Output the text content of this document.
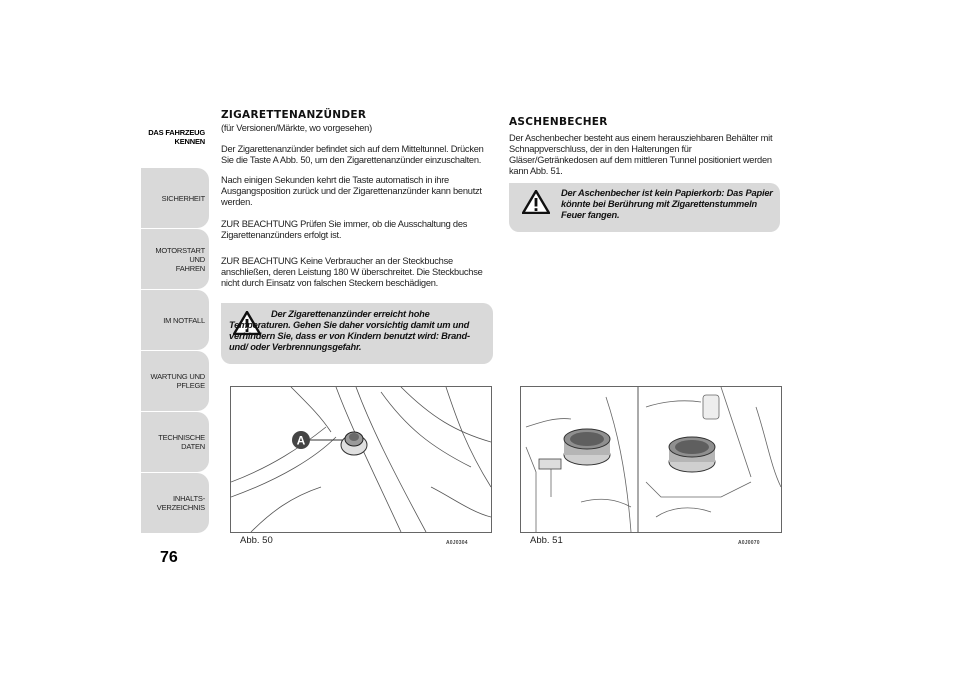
DAS FAHRZEUG
KENNEN
SICHERHEIT
MOTORSTART UND
FAHREN
IM NOTFALL
WARTUNG UND
PFLEGE
TECHNISCHE DATEN
INHALTS-
VERZEICHNIS
76
ZIGARETTENANZÜNDER
(für Versionen/Märkte, wo vorgesehen)
Der Zigarettenanzünder befindet sich auf dem Mitteltunnel. Drücken Sie die Taste A Abb. 50, um den Zigarettenanzünder einzuschalten.
Nach einigen Sekunden kehrt die Taste automatisch in ihre Ausgangsposition zurück und der Zigarettenanzünder kann benutzt werden.
ZUR BEACHTUNG Prüfen Sie immer, ob die Ausschaltung des Zigarettenanzünders erfolgt ist.
ZUR BEACHTUNG Keine Verbraucher an der Steckbuchse anschließen, deren Leistung 180 W überschreitet. Die Steckbuchse nicht durch Einsatz von falschen Steckern beschädigen.
Der Zigarettenanzünder erreicht hohe Temperaturen. Gehen Sie daher vorsichtig damit um und verhindern Sie, dass er von Kindern benutzt wird: Brand- und/ oder Verbrennungsgefahr.
A
Abb. 50	A0J0304
ASCHENBECHER
Der Aschenbecher besteht aus einem herausziehbaren Behälter mit Schnappverschluss, der in den Halterungen für Gläser/Getränkedosen auf dem mittleren Tunnel positioniert werden kann Abb. 51.
Der Aschenbecher ist kein Papierkorb: Das Papier könnte bei Berührung mit Zigarettenstummeln Feuer fangen.
Abb. 51	A0J0070
